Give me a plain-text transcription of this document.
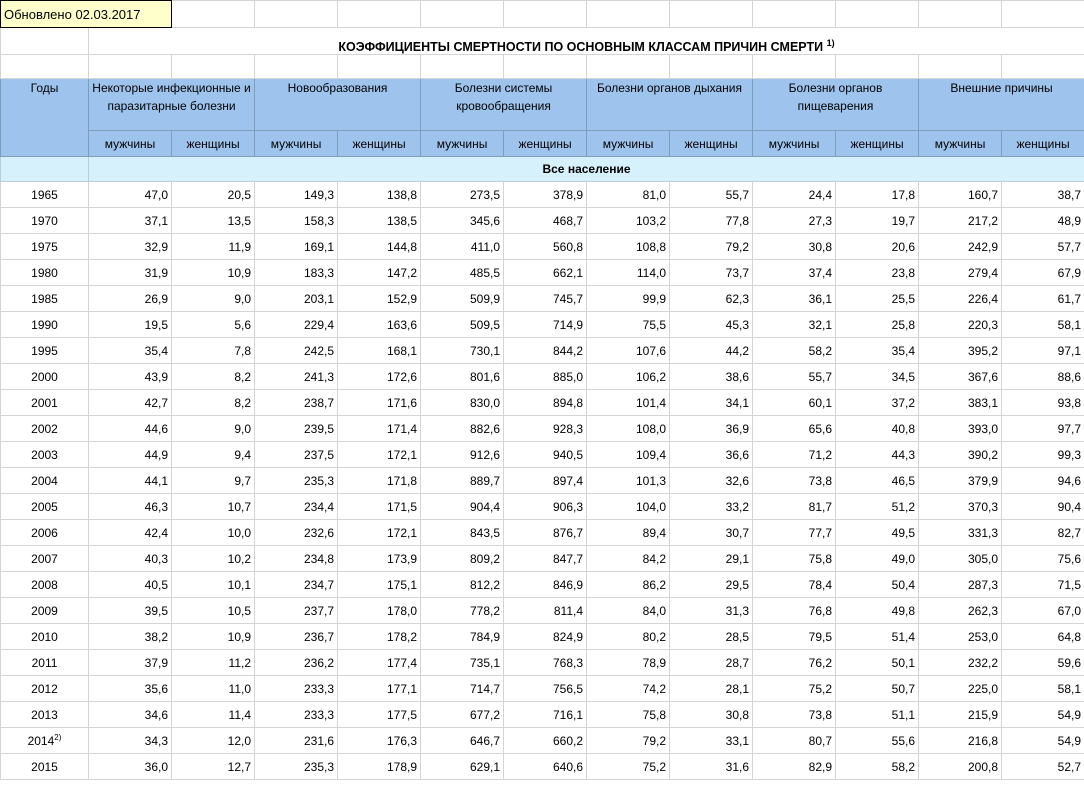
Обновлено 02.03.2017												
	КОЭФФИЦИЕНТЫ СМЕРТНОСТИ ПО ОСНОВНЫМ КЛАССАМ ПРИЧИН СМЕРТИ $^{1)}$

Годы	Некоторые инфекционные и паразитарные болезни		Новообразования		Болезни системы кровообращения		Болезни органов дыхания		Болезни органов пищеварения		Внешние причины	
	мужчины	женщины	мужчины	женщины	мужчины	женщины	мужчины	женщины	мужчины	женщины	мужчины	женщины
	Все население											
1965	47,0	20,5	149,3	138,8	273,5	378,9	81,0	55,7	24,4	17,8	160,7	38,7
1970	37,1	13,5	158,3	138,5	345,6	468,7	103,2	77,8	27,3	19,7	217,2	48,9
1975	32,9	11,9	169,1	144,8	411,0	560,8	108,8	79,2	30,8	20,6	242,9	57,7
1980	31,9	10,9	183,3	147,2	485,5	662,1	114,0	73,7	37,4	23,8	279,4	67,9
1985	26,9	9,0	203,1	152,9	509,9	745,7	99,9	62,3	36,1	25,5	226,4	61,7
1990	19,5	5,6	229,4	163,6	509,5	714,9	75,5	45,3	32,1	25,8	220,3	58,1
1995	35,4	7,8	242,5	168,1	730,1	844,2	107,6	44,2	58,2	35,4	395,2	97,1
2000	43,9	8,2	241,3	172,6	801,6	885,0	106,2	38,6	55,7	34,5	367,6	88,6
2001	42,7	8,2	238,7	171,6	830,0	894,8	101,4	34,1	60,1	37,2	383,1	93,8
2002	44,6	9,0	239,5	171,4	882,6	928,3	108,0	36,9	65,6	40,8	393,0	97,7
2003	44,9	9,4	237,5	172,1	912,6	940,5	109,4	36,6	71,2	44,3	390,2	99,3
2004	44,1	9,7	235,3	171,8	889,7	897,4	101,3	32,6	73,8	46,5	379,9	94,6
2005	46,3	10,7	234,4	171,5	904,4	906,3	104,0	33,2	81,7	51,2	370,3	90,4
2006	42,4	10,0	232,6	172,1	843,5	876,7	89,4	30,7	77,7	49,5	331,3	82,7
2007	40,3	10,2	234,8	173,9	809,2	847,7	84,2	29,1	75,8	49,0	305,0	75,6
2008	40,5	10,1	234,7	175,1	812,2	846,9	86,2	29,5	78,4	50,4	287,3	71,5
2009	39,5	10,5	237,7	178,0	778,2	811,4	84,0	31,3	76,8	49,8	262,3	67,0
2010	38,2	10,9	236,7	178,2	784,9	824,9	80,2	28,5	79,5	51,4	253,0	64,8
2011	37,9	11,2	236,2	177,4	735,1	768,3	78,9	28,7	76,2	50,1	232,2	59,6
2012	35,6	11,0	233,3	177,1	714,7	756,5	74,2	28,1	75,2	50,7	225,0	58,1
2013	34,6	11,4	233,3	177,5	677,2	716,1	75,8	30,8	73,8	51,1	215,9	54,9
2014$^{2)}$	34,3	12,0	231,6	176,3	646,7	660,2	79,2	33,1	80,7	55,6	216,8	54,9
2015	36,0	12,7	235,3	178,9	629,1	640,6	75,2	31,6	82,9	58,2	200,8	52,7
